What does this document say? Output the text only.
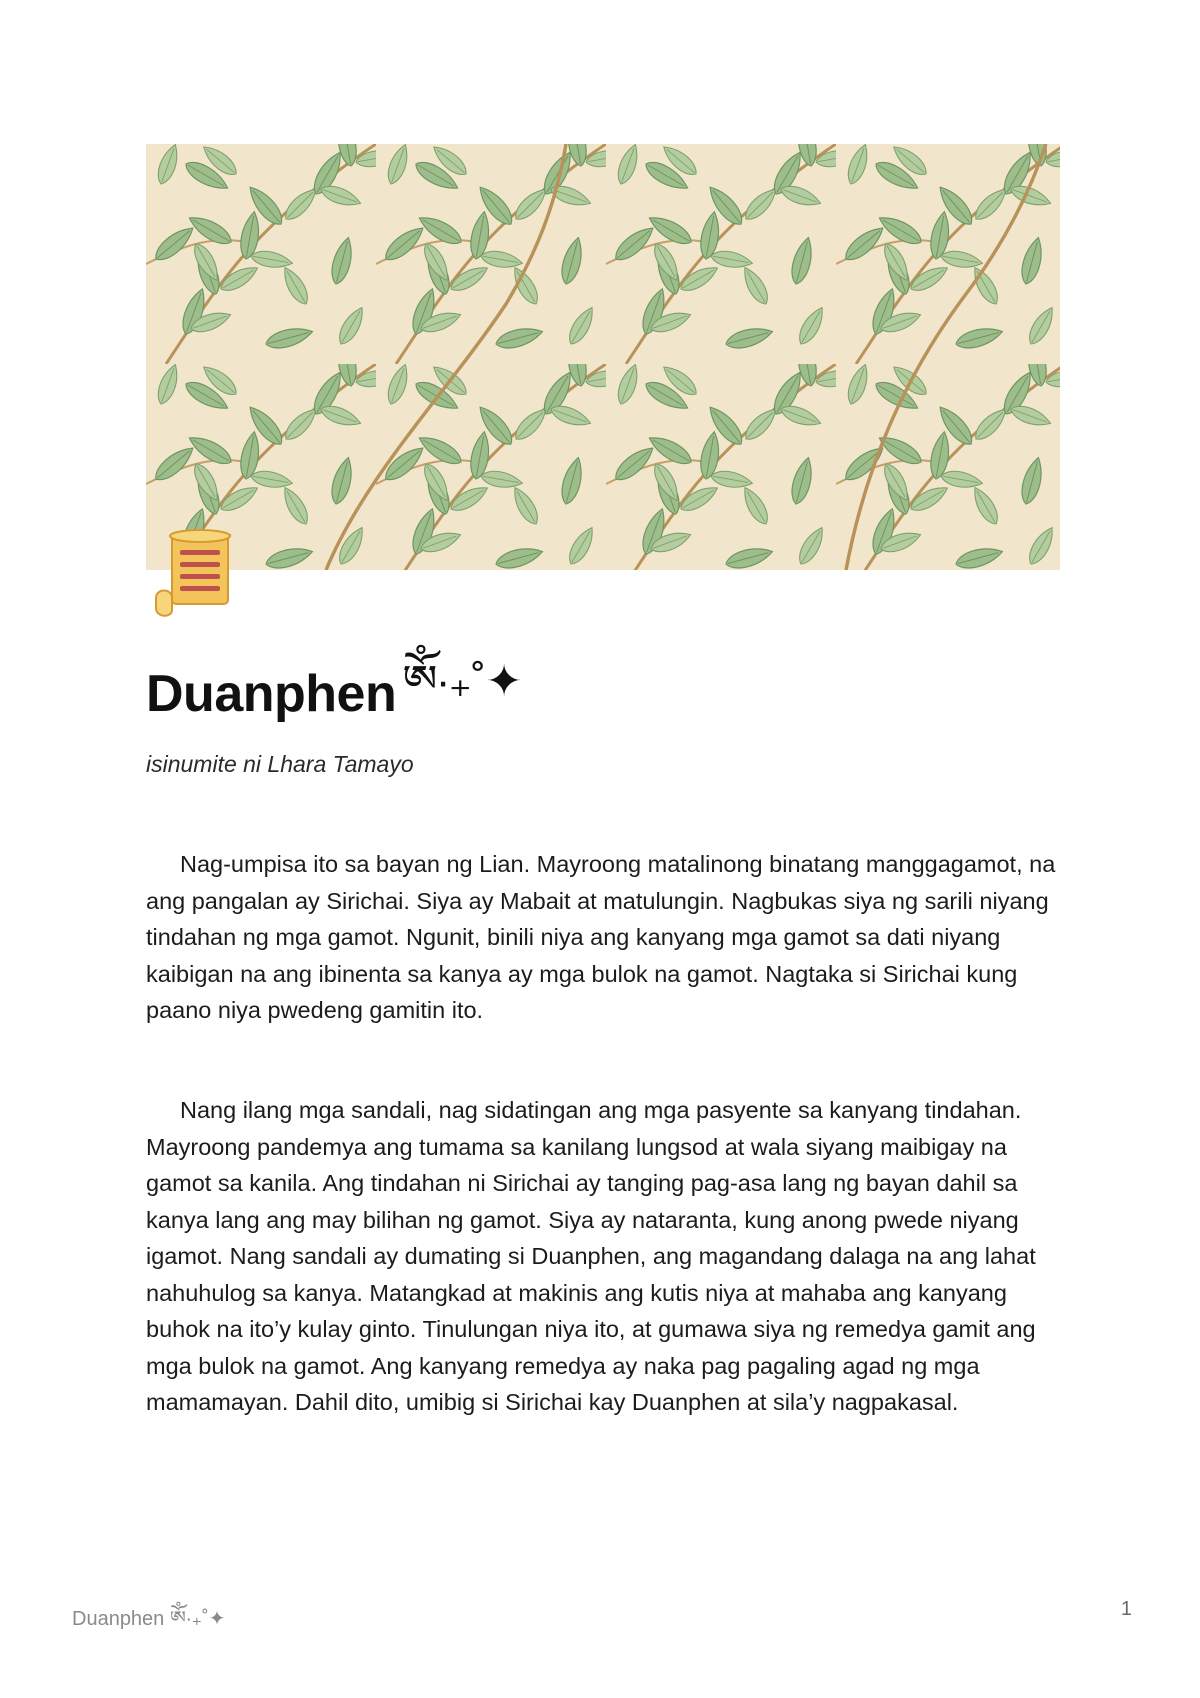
Duanphen ༀ∙₊˚✦

isinumite ni Lhara Tamayo

Nag-umpisa ito sa bayan ng Lian. Mayroong matalinong binatang manggagamot, na ang pangalan ay Sirichai. Siya ay Mabait at matulungin. Nagbukas siya ng sarili niyang tindahan ng mga gamot. Ngunit, binili niya ang kanyang mga gamot sa dati niyang kaibigan na ang ibinenta sa kanya ay mga bulok na gamot. Nagtaka si Sirichai kung paano niya pwedeng gamitin ito.

Nang ilang mga sandali, nag sidatingan ang mga pasyente sa kanyang tindahan. Mayroong pandemya ang tumama sa kanilang lungsod at wala siyang maibigay na gamot sa kanila. Ang tindahan ni Sirichai ay tanging pag-asa lang ng bayan dahil sa kanya lang ang may bilihan ng gamot. Siya ay nataranta, kung anong pwede niyang igamot. Nang sandali ay dumating si Duanphen, ang magandang dalaga na ang lahat nahuhulog sa kanya. Matangkad at makinis ang kutis niya at mahaba ang kanyang buhok na ito’y kulay ginto. Tinulungan niya ito, at gumawa siya ng remedya gamit ang mga bulok na gamot. Ang kanyang remedya ay naka pag pagaling agad ng mga mamamayan. Dahil dito, umibig si Sirichai kay Duanphen at sila’y nagpakasal.

Duanphen ༀ∙₊˚✦	1
